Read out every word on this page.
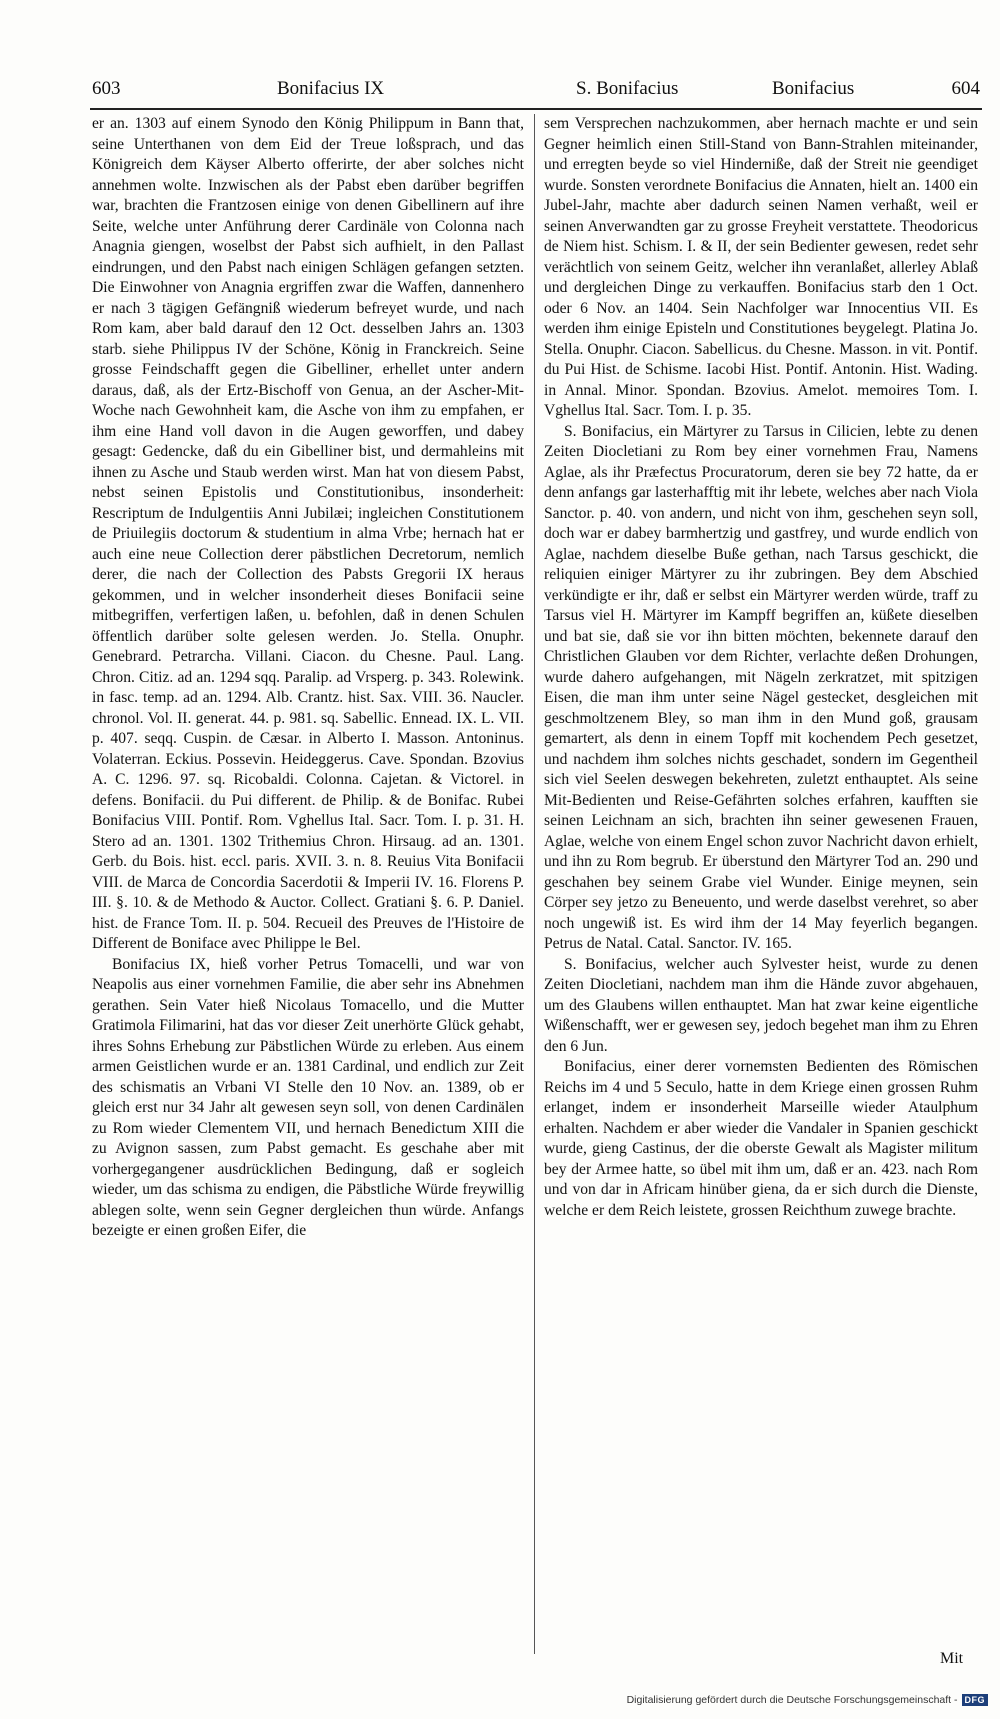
603	Bonifacius IX	S. Bonifacius	Bonifacius	604

er an. 1303 auf einem Synodo den König Philippum in Bann that, seine Unterthanen von dem Eid der Treue loßsprach, und das Königreich dem Käyser Alberto offerirte, der aber solches nicht annehmen wolte. Inzwischen als der Pabst eben darüber begriffen war, brachten die Frantzosen einige von denen Gibellinern auf ihre Seite, welche unter Anführung derer Cardinäle von Colonna nach Anagnia giengen, woselbst der Pabst sich aufhielt, in den Pallast eindrungen, und den Pabst nach einigen Schlägen gefangen setzten. Die Einwohner von Anagnia ergriffen zwar die Waffen, dannenhero er nach 3 tägigen Gefängniß wiederum befreyet wurde, und nach Rom kam, aber bald darauf den 12 Oct. desselben Jahrs an. 1303 starb. siehe Philippus IV der Schöne, König in Franckreich. Seine grosse Feindschafft gegen die Gibelliner, erhellet unter andern daraus, daß, als der Ertz-Bischoff von Genua, an der Ascher-Mit-Woche nach Gewohnheit kam, die Asche von ihm zu empfahen, er ihm eine Hand voll davon in die Augen geworffen, und dabey gesagt: Gedencke, daß du ein Gibelliner bist, und dermahleins mit ihnen zu Asche und Staub werden wirst. Man hat von diesem Pabst, nebst seinen Epistolis und Constitutionibus, insonderheit: Rescriptum de Indulgentiis Anni Jubilæi; ingleichen Constitutionem de Priuilegiis doctorum & studentium in alma Vrbe; hernach hat er auch eine neue Collection derer päbstlichen Decretorum, nemlich derer, die nach der Collection des Pabsts Gregorii IX heraus gekommen, und in welcher insonderheit dieses Bonifacii seine mitbegriffen, verfertigen laßen, u. befohlen, daß in denen Schulen öffentlich darüber solte gelesen werden. Jo. Stella. Onuphr. Genebrard. Petrarcha. Villani. Ciacon. du Chesne. Paul. Lang. Chron. Citiz. ad an. 1294 sqq. Paralip. ad Vrsperg. p. 343. Rolewink. in fasc. temp. ad an. 1294. Alb. Crantz. hist. Sax. VIII. 36. Naucler. chronol. Vol. II. generat. 44. p. 981. sq. Sabellic. Ennead. IX. L. VII. p. 407. seqq. Cuspin. de Cæsar. in Alberto I. Masson. Antoninus. Volaterran. Eckius. Possevin. Heideggerus. Cave. Spondan. Bzovius A. C. 1296. 97. sq. Ricobaldi. Colonna. Cajetan. & Victorel. in defens. Bonifacii. du Pui different. de Philip. & de Bonifac. Rubei Bonifacius VIII. Pontif. Rom. Vghellus Ital. Sacr. Tom. I. p. 31. H. Stero ad an. 1301. 1302 Trithemius Chron. Hirsaug. ad an. 1301. Gerb. du Bois. hist. eccl. paris. XVII. 3. n. 8. Reuius Vita Bonifacii VIII. de Marca de Concordia Sacerdotii & Imperii IV. 16. Florens P. III. §. 10. & de Methodo & Auctor. Collect. Gratiani §. 6. P. Daniel. hist. de France Tom. II. p. 504. Recueil des Preuves de l'Histoire de Different de Boniface avec Philippe le Bel.

Bonifacius IX, hieß vorher Petrus Tomacelli, und war von Neapolis aus einer vornehmen Familie, die aber sehr ins Abnehmen gerathen. Sein Vater hieß Nicolaus Tomacello, und die Mutter Gratimola Filimarini, hat das vor dieser Zeit unerhörte Glück gehabt, ihres Sohns Erhebung zur Päbstlichen Würde zu erleben. Aus einem armen Geistlichen wurde er an. 1381 Cardinal, und endlich zur Zeit des schismatis an Vrbani VI Stelle den 10 Nov. an. 1389, ob er gleich erst nur 34 Jahr alt gewesen seyn soll, von denen Cardinälen zu Rom wieder Clementem VII, und hernach Benedictum XIII die zu Avignon sassen, zum Pabst gemacht. Es geschahe aber mit vorhergegangener ausdrücklichen Bedingung, daß er sogleich wieder, um das schisma zu endigen, die Päbstliche Würde freywillig ablegen solte, wenn sein Gegner dergleichen thun würde. Anfangs bezeigte er einen großen Eifer, die

sem Versprechen nachzukommen, aber hernach machte er und sein Gegner heimlich einen Still-Stand von Bann-Strahlen miteinander, und erregten beyde so viel Hinderniße, daß der Streit nie geendiget wurde. Sonsten verordnete Bonifacius die Annaten, hielt an. 1400 ein Jubel-Jahr, machte aber dadurch seinen Namen verhaßt, weil er seinen Anverwandten gar zu grosse Freyheit verstattete. Theodoricus de Niem hist. Schism. I. & II, der sein Bedienter gewesen, redet sehr verächtlich von seinem Geitz, welcher ihn veranlaßet, allerley Ablaß und dergleichen Dinge zu verkauffen. Bonifacius starb den 1 Oct. oder 6 Nov. an 1404. Sein Nachfolger war Innocentius VII. Es werden ihm einige Episteln und Constitutiones beygelegt. Platina Jo. Stella. Onuphr. Ciacon. Sabellicus. du Chesne. Masson. in vit. Pontif. du Pui Hist. de Schisme. Iacobi Hist. Pontif. Antonin. Hist. Wading. in Annal. Minor. Spondan. Bzovius. Amelot. memoires Tom. I. Vghellus Ital. Sacr. Tom. I. p. 35.

S. Bonifacius, ein Märtyrer zu Tarsus in Cilicien, lebte zu denen Zeiten Diocletiani zu Rom bey einer vornehmen Frau, Namens Aglae, als ihr Præfectus Procuratorum, deren sie bey 72 hatte, da er denn anfangs gar lasterhafftig mit ihr lebete, welches aber nach Viola Sanctor. p. 40. von andern, und nicht von ihm, geschehen seyn soll, doch war er dabey barmhertzig und gastfrey, und wurde endlich von Aglae, nachdem dieselbe Buße gethan, nach Tarsus geschickt, die reliquien einiger Märtyrer zu ihr zubringen. Bey dem Abschied verkündigte er ihr, daß er selbst ein Märtyrer werden würde, traff zu Tarsus viel H. Märtyrer im Kampff begriffen an, küßete dieselben und bat sie, daß sie vor ihn bitten möchten, bekennete darauf den Christlichen Glauben vor dem Richter, verlachte deßen Drohungen, wurde dahero aufgehangen, mit Nägeln zerkratzet, mit spitzigen Eisen, die man ihm unter seine Nägel gestecket, desgleichen mit geschmoltzenem Bley, so man ihm in den Mund goß, grausam gemartert, als denn in einem Topff mit kochendem Pech gesetzet, und nachdem ihm solches nichts geschadet, sondern im Gegentheil sich viel Seelen deswegen bekehreten, zuletzt enthauptet. Als seine Mit-Bedienten und Reise-Gefährten solches erfahren, kaufften sie seinen Leichnam an sich, brachten ihn seiner gewesenen Frauen, Aglae, welche von einem Engel schon zuvor Nachricht davon erhielt, und ihn zu Rom begrub. Er überstund den Märtyrer Tod an. 290 und geschahen bey seinem Grabe viel Wunder. Einige meynen, sein Cörper sey jetzo zu Beneuento, und werde daselbst verehret, so aber noch ungewiß ist. Es wird ihm der 14 May feyerlich begangen. Petrus de Natal. Catal. Sanctor. IV. 165.

S. Bonifacius, welcher auch Sylvester heist, wurde zu denen Zeiten Diocletiani, nachdem man ihm die Hände zuvor abgehauen, um des Glaubens willen enthauptet. Man hat zwar keine eigentliche Wißenschafft, wer er gewesen sey, jedoch begehet man ihm zu Ehren den 6 Jun.

Bonifacius, einer derer vornemsten Bedienten des Römischen Reichs im 4 und 5 Seculo, hatte in dem Kriege einen grossen Ruhm erlanget, indem er insonderheit Marseille wieder Ataulphum erhalten. Nachdem er aber wieder die Vandaler in Spanien geschickt wurde, gieng Castinus, der die oberste Gewalt als Magister militum bey der Armee hatte, so übel mit ihm um, daß er an. 423. nach Rom und von dar in Africam hinüber giena, da er sich durch die Dienste, welche er dem Reich leistete, grossen Reichthum zuwege brachte.

Mit
Digitalisierung gefördert durch die Deutsche Forschungsgemeinschaft - DFG
